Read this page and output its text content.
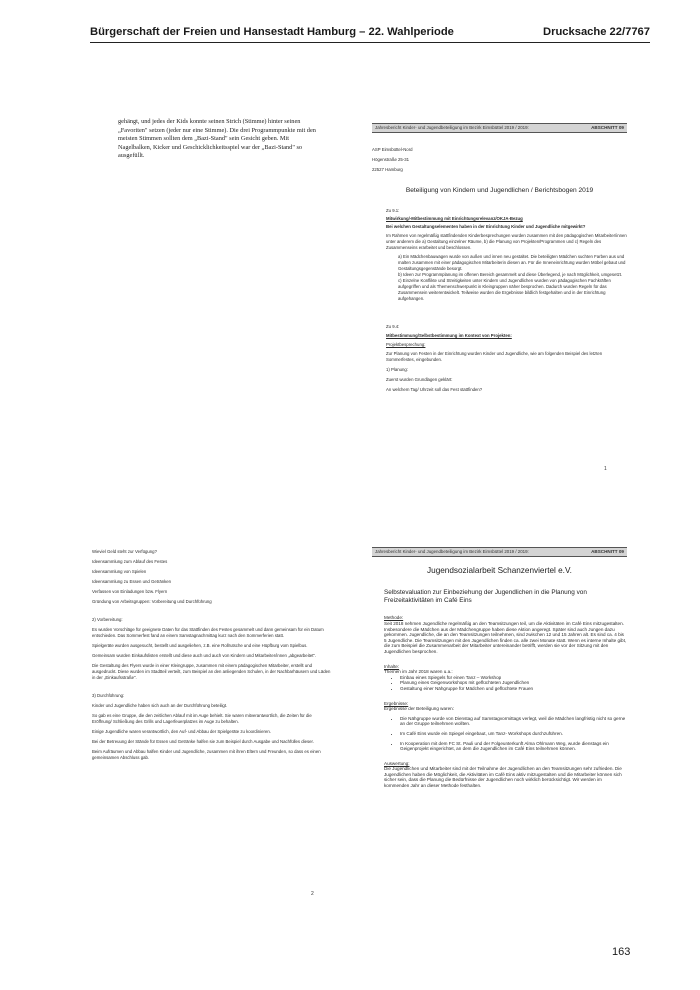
Bürgerschaft der Freien und Hansestadt Hamburg – 22. Wahlperiode	Drucksache 22/7767
gehängt, und jedes der Kids konnte seinen Strich (Stimme) hinter seinen
„Favoriten" setzen (jeder nur eine Stimme). Die drei Programmpunkte mit den
meisten Stimmen sollten dem „Bazi-Stand" sein Gesicht geben. Mit
Nagelbalken, Kicker und Geschicklichkeitsspiel war der „Bazi-Stand" so
ausgefüllt.
Jahresbericht Kinder- und Jugendbeteiligung im Bezirk Eimsbüttel 2019 / 2019:	ABSCHNITT 09
ASP Eimsbüttel-Nord
Högenstraße 25-31
22527 Hamburg
Beteiligung von Kindern und Jugendlichen / Berichtsbogen 2019
Zu 9.1:
Mitwirkung/-Mitbestimmung mit Einrichtungsrelevanz/OKJA-Bezug
Bei welchen Gestaltungselementen haben in der Einrichtung Kinder und Jugendliche mitgewirkt?
Im Rahmen von regelmäßig stattfindenden Kinderbesprechungen wurden zusammen mit den pädagogischen Mitarbeiter/innen unter anderem die a) Gestaltung einzelner Räume, b) die Planung von Projekten/Programmen und c) Regeln des Zusammenseins erarbeitet und beschlossen.
a) Ein Mädchenbauwagen wurde von außen und innen neu gestaltet. Die beteiligten Mädchen suchten Farben aus und malten zusammen mit einer pädagogischen Mitarbeiterin diesen an. Für die Inneneinrichtung wurden Möbel gebaut und Gestaltungsgegenstände besorgt.
b) Ideen zur Programmplanung im offenen Bereich gesammelt und diese Überlegend, je nach Möglichkeit, umgesetzt.
c) Einzelne Konflikte und Streitigkeiten unter Kindern und Jugendlichen wurden von pädagogischen Fachkräften aufgegriffen und als Themenschwerpunkt in Kleingruppen näher besprochen. Dadurch wurden Regeln für das Zusammensein weiterentwickelt. Teilweise wurden die Ergebnisse bildlich festgehalten und in der Einrichtung aufgehangen.
Zu 9.4:
Mitbestimmung/Selbstbestimmung im Kontext von Projekten:
Projektbesprechung:
Zur Planung von Festen in der Einrichtung wurden Kinder und Jugendliche, wie am folgenden Beispiel des letzten Sommerfestes, eingebunden.
1) Planung:
Zuerst wurden Grundlagen geklärt:
An welchem Tag/ Uhrzeit soll das Fest stattfinden?
1
Wieviel Geld steht zur Verfügung?
Ideensammlung zum Ablauf des Festes
Ideensammlung von Spielen
Ideensammlung zu Essen und Getränken
Verfassen von Einladungen bzw. Flyern
Gründung von Arbeitsgruppen: Vorbereitung und Durchführung
2) Vorbereitung:
Es wurden Vorschläge für geeignete Daten für das Stattfinden des Festes gesammelt und dann gemeinsam für ein Datum entschieden. Das Sommerfest fand an einem Samstagnachmittag kurz nach den Sommerferien statt.
Spielgeräte wurden ausgesucht, bestellt und ausgeliehen, z.B. eine Rollrutsche und eine Hüpfburg vom Spielbus.
Gemeinsam wurden Einkaufslisten erstellt und diese auch und auch von Kindern und Mitarbeiter/innen „abgearbeitet".
Die Gestaltung des Flyers wurde in einer Kleingruppe, zusammen mit einem pädagogischen Mitarbeiter, erstellt und ausgedruckt. Diese wurden im Stadtteil verteilt, zum Beispiel an den anliegenden Schulen, in der Nachbarhäusern und Läden in der „Einkaufsstraße".
3) Durchführung:
Kinder und Jugendliche haben sich auch an der Durchführung beteiligt.
So gab es eine Gruppe, die den zeitlichen Ablauf mit im Auge behielt. Sie waren mitverantwortlich, die Zeiten für die Eröffnung/ Schließung des Grills und Lagerfeuerplatzes im Auge zu behalten.
Einige Jugendliche waren verantwortlich, den Auf- und Abbau der Spielgeräte zu koordinieren.
Bei der Betreuung der Stände für Essen und Getränke halfen sie zum Beispiel durch Ausgabe und Nachfülles dieser.
Beim Aufräumen und Abbau halfen Kinder und Jugendliche, zusammen mit ihren Eltern und Freunden, so dass es einen gemeinsamen Abschluss gab.
2
Jahresbericht Kinder- und Jugendbeteiligung im Bezirk Eimsbüttel 2019 / 2019:	ABSCHNITT 09
Jugendsozialarbeit Schanzenviertel e.V.
Selbstevaluation zur Einbeziehung der Jugendlichen in die Planung von
Freizeitaktivitäten im Café Eins
Methode:
Seit 2018 nehmen Jugendliche regelmäßig an den Teamsitzungen teil, um die Aktivitäten im Café Eins mitzugestalten. Insbesondere die Mädchen aus der Mädchengruppe haben diese Aktion angeregt. Später sind auch Jungen dazu gekommen. Jugendliche, die an den Teamsitzungen teilnehmen, sind zwischen 12 und 15 Jahren alt. Es sind ca. 4 bis 5 Jugendliche. Die Teamsitzungen mit den Jugendlichen finden ca. alle zwei Monate statt. Wenn es interne Inhalte gibt, die zum Beispiel die Zusammenarbeit der Mitarbeiter untereinander betrifft, werden sie vor der Sitzung mit den Jugendlichen besprochen.
Inhalte:
Themen im Jahr 2018 waren u.a.:
• Einbau eines Spiegels für einen Tanz – Workshop
• Planung eines Geigenworkshops mit geflüchteten Jugendlichen
• Gestaltung einer Nähgruppe für Mädchen und geflüchtete Frauen
Ergebnisse:
Ergebnisse der Beteiligung waren:
• Die Nähgruppe wurde von Dienstag auf Samstagvormittags verlegt, weil die Mädchen langfristig nicht so gerne an der Gruppe teilnehmen wollten.
• Im Café Eins wurde ein Spiegel eingebaut, um Tanz- Workshops durchzuführen.
• In Kooperation mit dem FC St. Pauli und der Folgeunterkunft Alma Ohlmann Weg, wurde dienstags ein Geigenprojekt eingerichtet, an dem die Jugendlichen im Café Eins teilnehmen können.
Auswertung:
Die Jugendlichen und Mitarbeiter sind mit der Teilnahme der Jugendlichen an den Teamsitzungen sehr zufrieden. Die Jugendlichen haben die Möglichkeit, die Aktivitäten im Café Eins aktiv mitzugestalten und die Mitarbeiter können sich sicher sein, dass die Planung die Bedürfnisse der Jugendlichen noch wirklich berücksichtigt. Wir werden im kommenden Jahr an dieser Methode festhalten.
163
